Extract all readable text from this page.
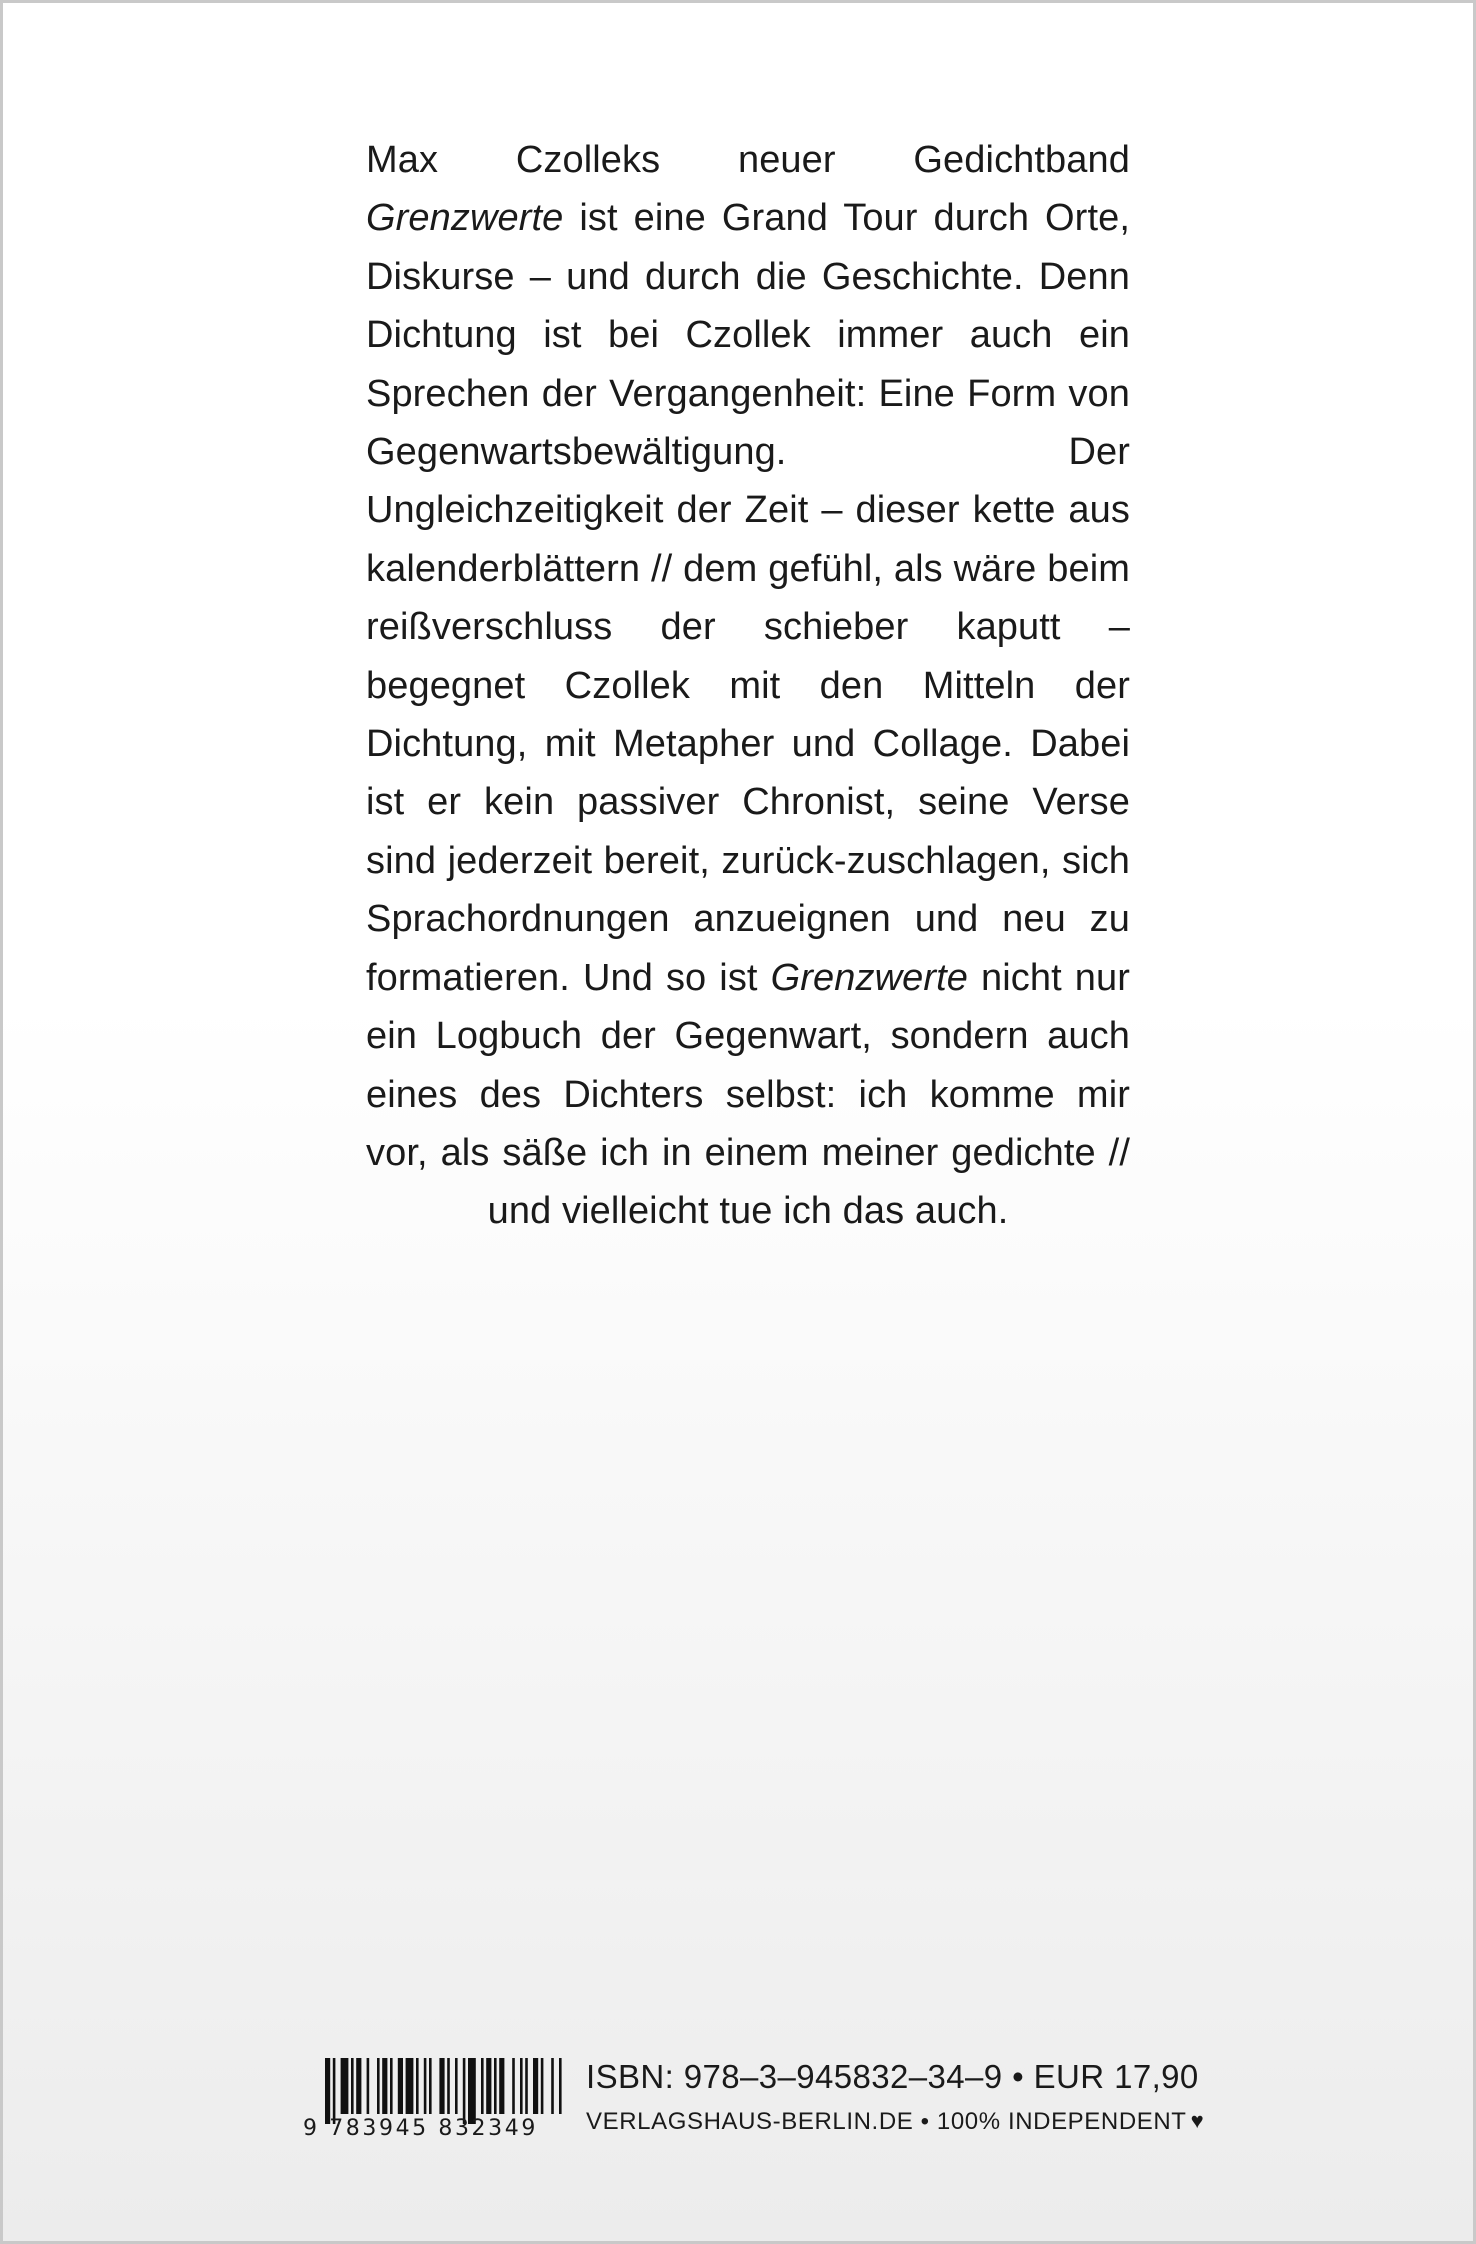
Max Czolleks neuer Gedichtband Grenzwerte ist eine Grand Tour durch Orte, Diskurse – und durch die Geschichte. Denn Dichtung ist bei Czollek immer auch ein Sprechen der Vergangenheit: Eine Form von Gegenwartsbewältigung. Der Ungleichzeitigkeit der Zeit – dieser kette aus kalenderblättern // dem gefühl, als wäre beim reißverschluss der schieber kaputt – begegnet Czollek mit den Mitteln der Dichtung, mit Metapher und Collage. Dabei ist er kein passiver Chronist, seine Verse sind jederzeit bereit, zurück-zuschlagen, sich Sprachordnungen anzueignen und neu zu formatieren. Und so ist Grenzwerte nicht nur ein Logbuch der Gegenwart, sondern auch eines des Dichters selbst: ich komme mir vor, als säße ich in einem meiner gedichte // und vielleicht tue ich das auch.
9 783945 832349
ISBN: 978–3–945832–34–9 • EUR 17,90
VERLAGSHAUS-BERLIN.DE • 100% INDEPENDENT ♥
